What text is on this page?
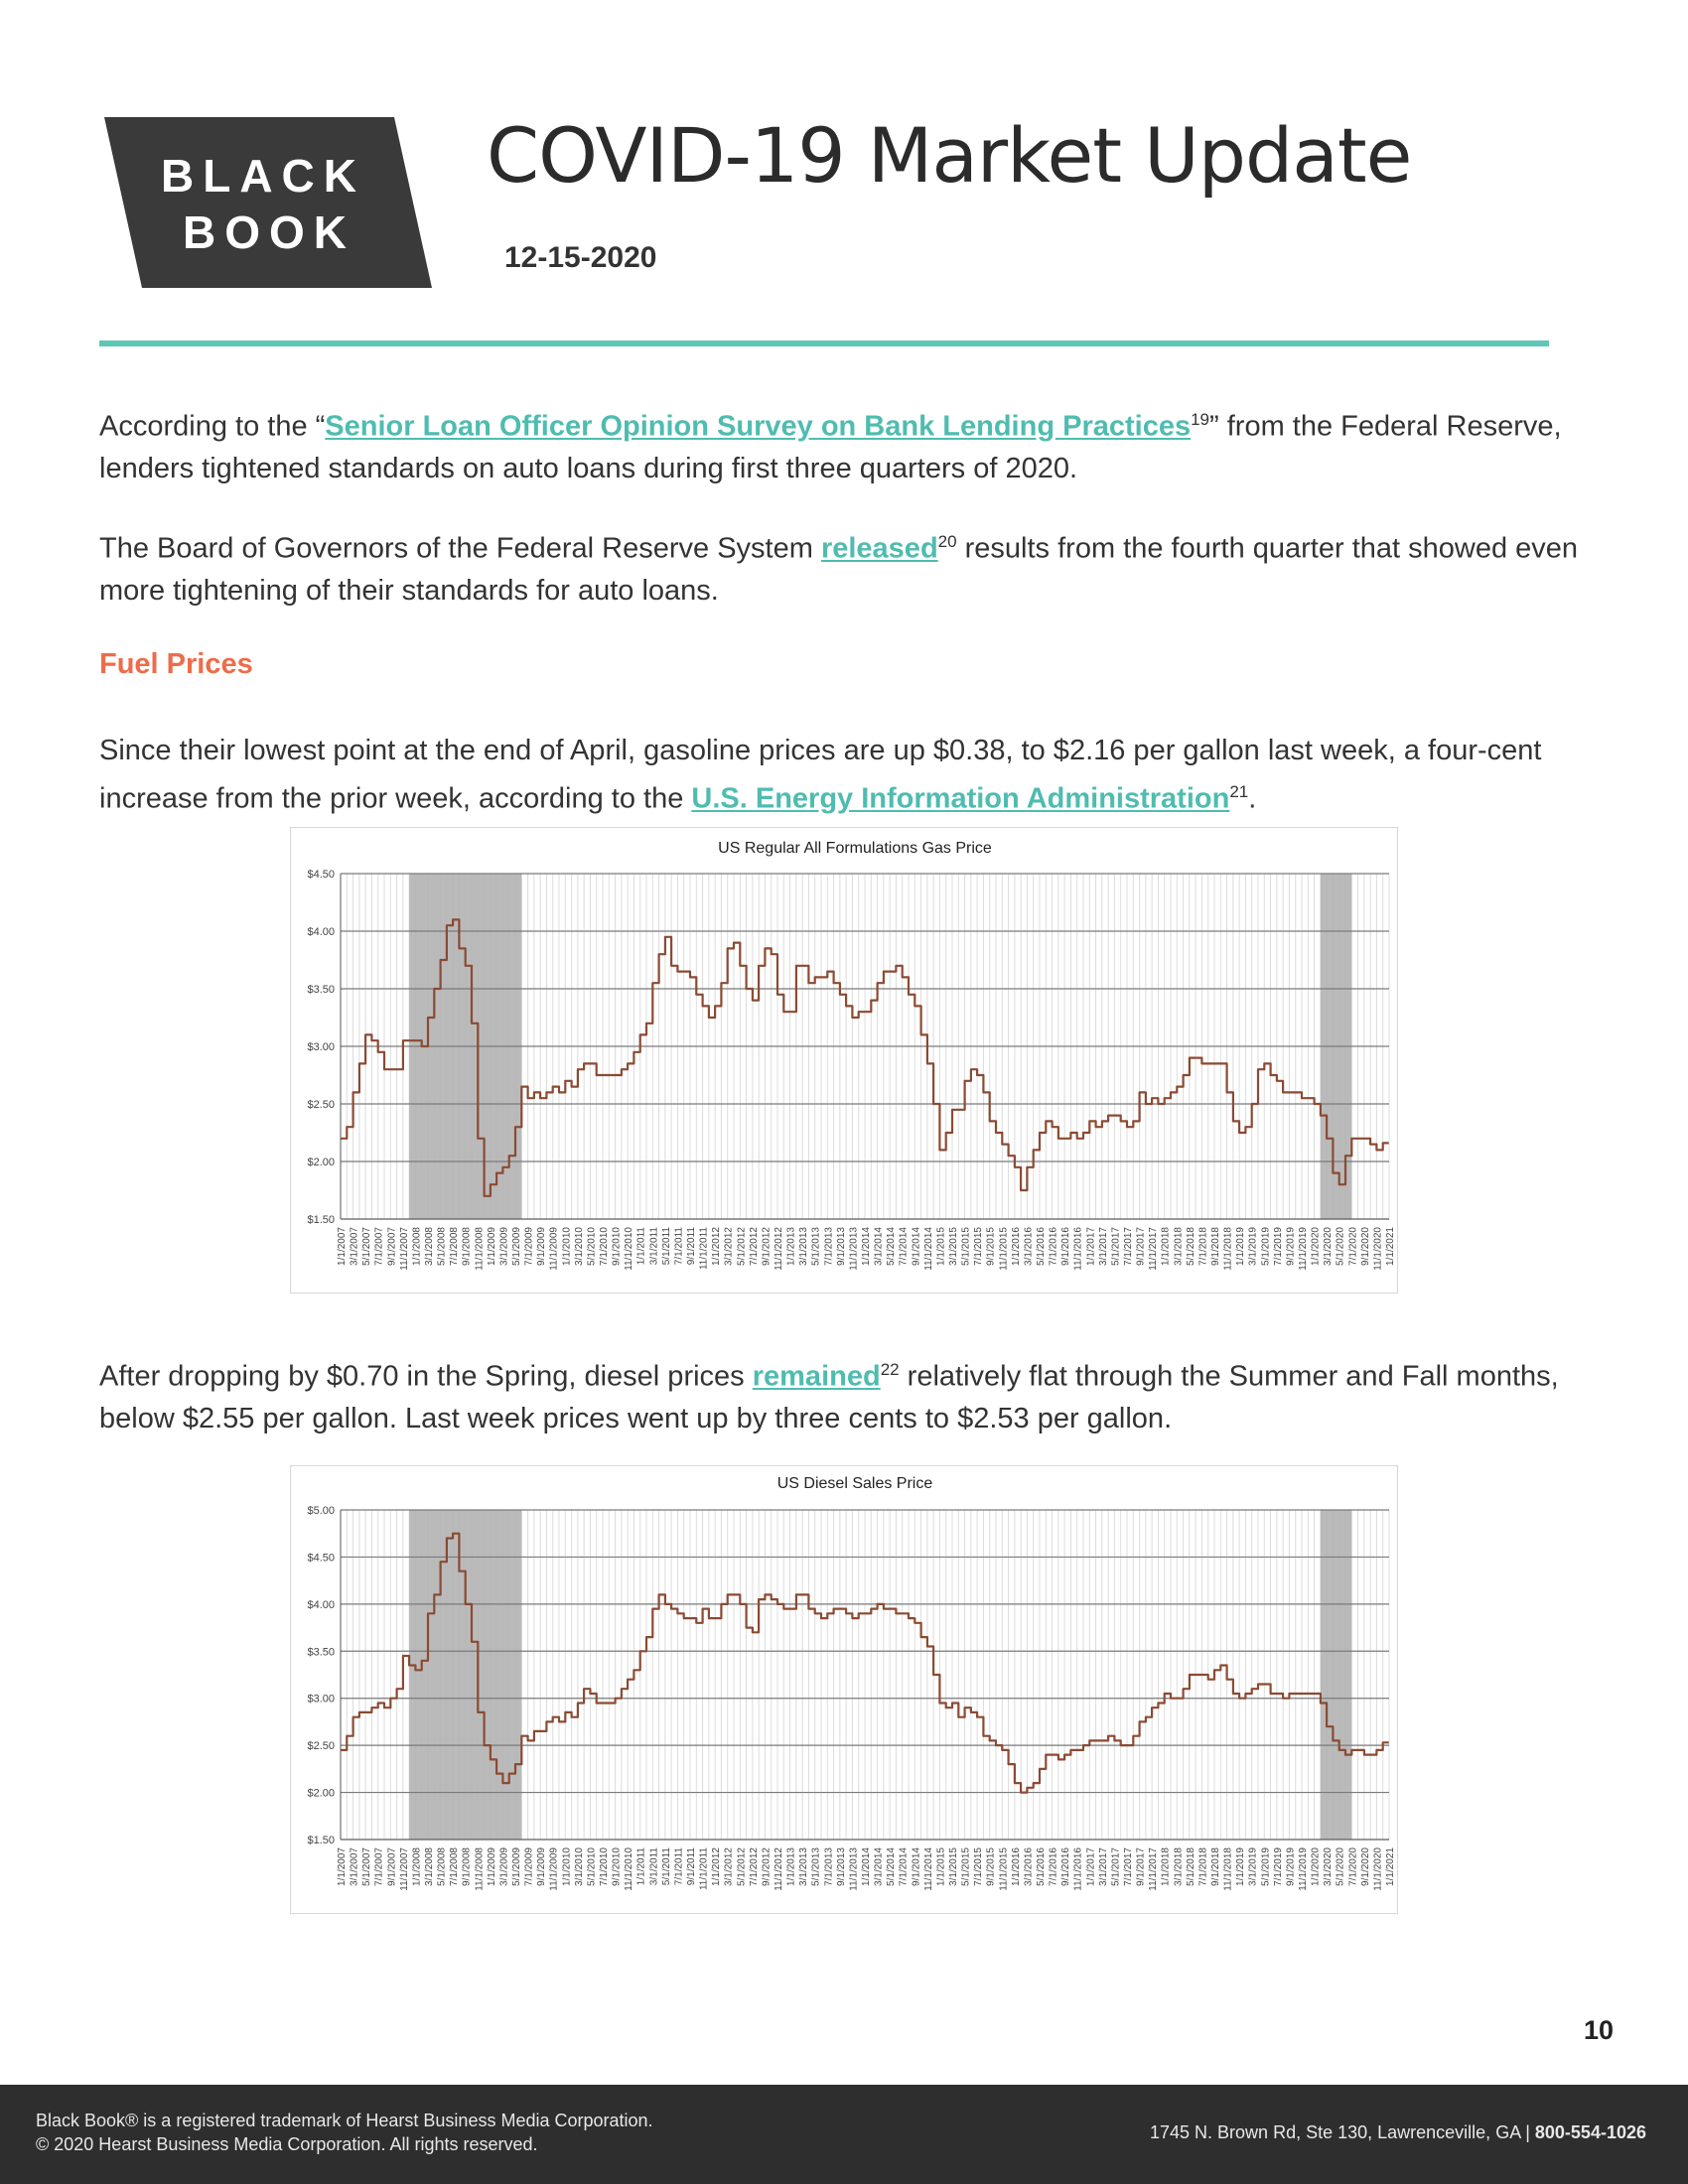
BLACK
BOOK
COVID-19 Market Update
12-15-2020

According to the “Senior Loan Officer Opinion Survey on Bank Lending Practices$^{19}$” from the Federal Reserve, lenders tightened standards on auto loans during first three quarters of 2020.

The Board of Governors of the Federal Reserve System released$^{20}$ results from the fourth quarter that showed even more tightening of their standards for auto loans.

Fuel Prices

Since their lowest point at the end of April, gasoline prices are up $0.38, to $2.16 per gallon last week, a four-cent increase from the prior week, according to the U.S. Energy Information Administration$^{21}$.

$1.50
$2.00
$2.50
$3.00
$3.50
$4.00
$4.50
1/1/2007 3/1/2007 5/1/2007 7/1/2007 9/1/2007 11/1/2007 1/1/2008 3/1/2008 5/1/2008 7/1/2008 9/1/2008 11/1/2008 1/1/2009 3/1/2009 5/1/2009 7/1/2009 9/1/2009 11/1/2009 1/1/2010 3/1/2010 5/1/2010 7/1/2010 9/1/2010 11/1/2010 1/1/2011 3/1/2011 5/1/2011 7/1/2011 9/1/2011 11/1/2011 1/1/2012 3/1/2012 5/1/2012 7/1/2012 9/1/2012 11/1/2012 1/1/2013 3/1/2013 5/1/2013 7/1/2013 9/1/2013 11/1/2013 1/1/2014 3/1/2014 5/1/2014 7/1/2014 9/1/2014 11/1/2014 1/1/2015 3/1/2015 5/1/2015 7/1/2015 9/1/2015 11/1/2015 1/1/2016 3/1/2016 5/1/2016 7/1/2016 9/1/2016 11/1/2016 1/1/2017 3/1/2017 5/1/2017 7/1/2017 9/1/2017 11/1/2017 1/1/2018 3/1/2018 5/1/2018 7/1/2018 9/1/2018 11/1/2018 1/1/2019 3/1/2019 5/1/2019 7/1/2019 9/1/2019 11/1/2019 1/1/2020 3/1/2020 5/1/2020 7/1/2020 9/1/2020 11/1/2020 1/1/2021
US Regular All Formulations Gas Price

After dropping by $0.70 in the Spring, diesel prices remained$^{22}$ relatively flat through the Summer and Fall months, below $2.55 per gallon. Last week prices went up by three cents to $2.53 per gallon.

$1.50
$2.00
$2.50
$3.00
$3.50
$4.00
$4.50
$5.00
1/1/2007 3/1/2007 5/1/2007 7/1/2007 9/1/2007 11/1/2007 1/1/2008 3/1/2008 5/1/2008 7/1/2008 9/1/2008 11/1/2008 1/1/2009 3/1/2009 5/1/2009 7/1/2009 9/1/2009 11/1/2009 1/1/2010 3/1/2010 5/1/2010 7/1/2010 9/1/2010 11/1/2010 1/1/2011 3/1/2011 5/1/2011 7/1/2011 9/1/2011 11/1/2011 1/1/2012 3/1/2012 5/1/2012 7/1/2012 9/1/2012 11/1/2012 1/1/2013 3/1/2013 5/1/2013 7/1/2013 9/1/2013 11/1/2013 1/1/2014 3/1/2014 5/1/2014 7/1/2014 9/1/2014 11/1/2014 1/1/2015 3/1/2015 5/1/2015 7/1/2015 9/1/2015 11/1/2015 1/1/2016 3/1/2016 5/1/2016 7/1/2016 9/1/2016 11/1/2016 1/1/2017 3/1/2017 5/1/2017 7/1/2017 9/1/2017 11/1/2017 1/1/2018 3/1/2018 5/1/2018 7/1/2018 9/1/2018 11/1/2018 1/1/2019 3/1/2019 5/1/2019 7/1/2019 9/1/2019 11/1/2019 1/1/2020 3/1/2020 5/1/2020 7/1/2020 9/1/2020 11/1/2020 1/1/2021
US Diesel Sales Price
10
Black Book® is a registered trademark of Hearst Business Media Corporation.
© 2020 Hearst Business Media Corporation. All rights reserved.
1745 N. Brown Rd, Ste 130, Lawrenceville, GA | 800-554-1026
